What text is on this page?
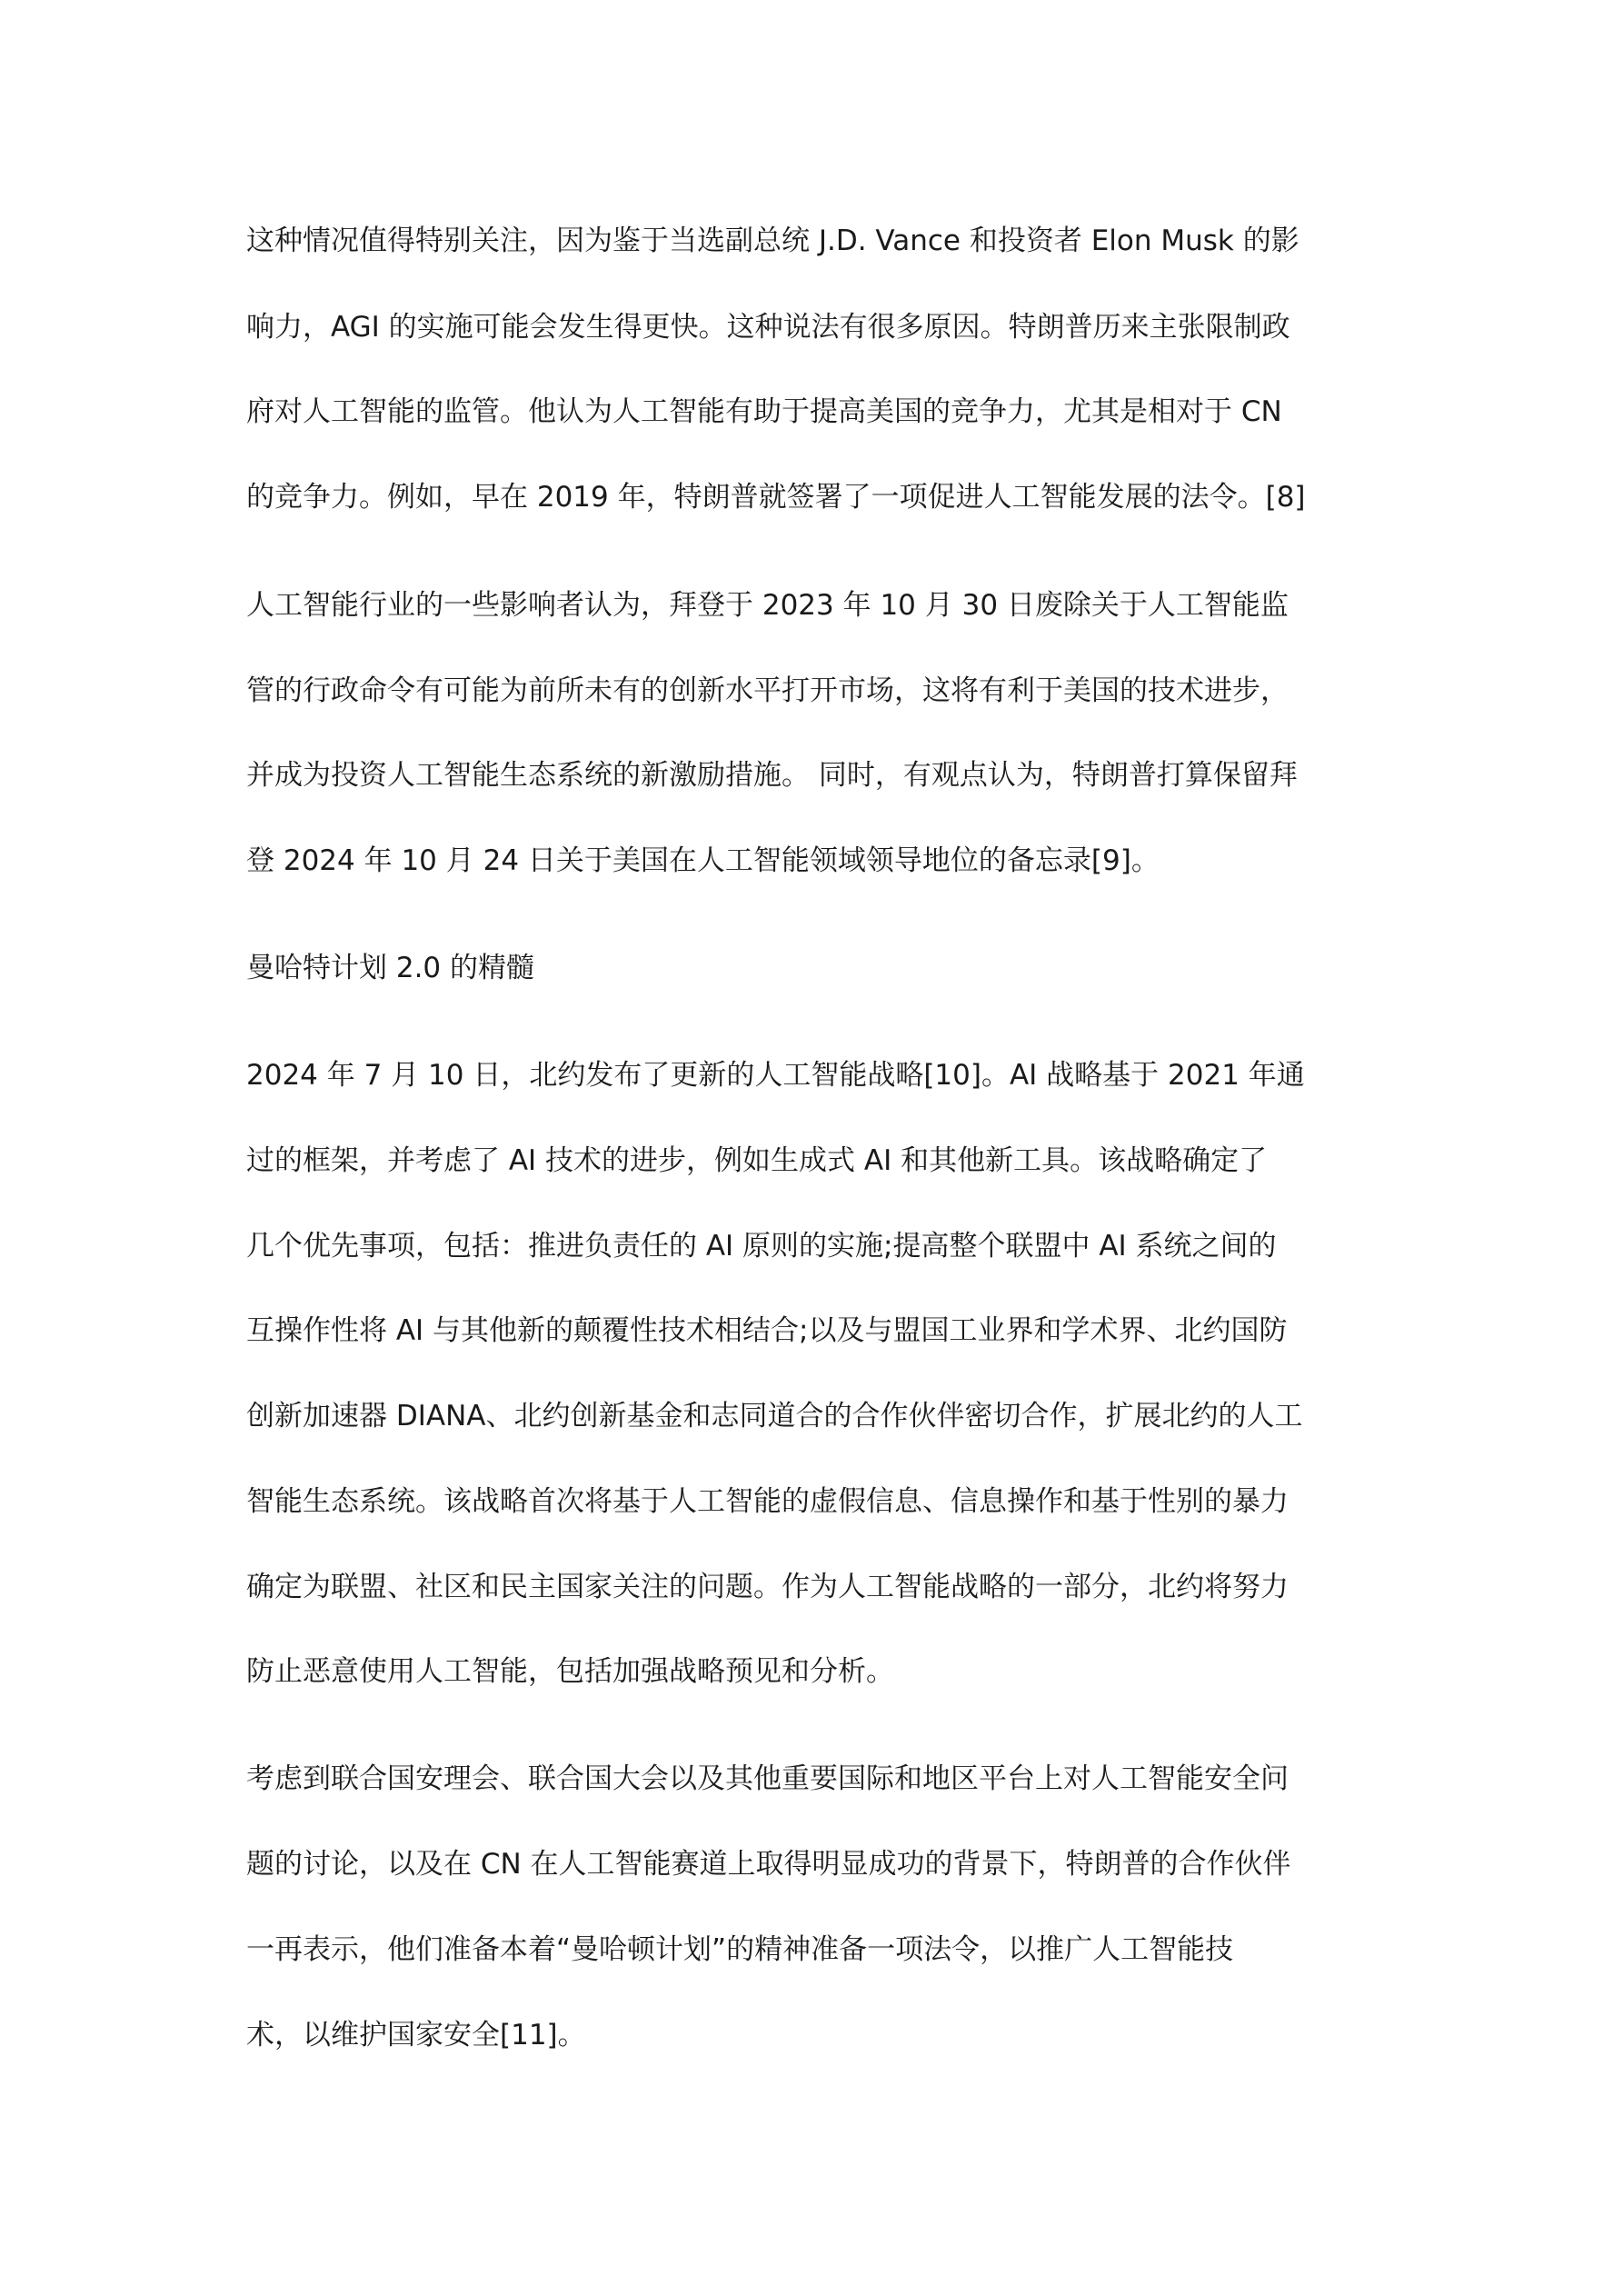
这种情况值得特别关注，因为鉴于当选副总统 J.D. Vance 和投资者 Elon Musk 的影

响力，AGI 的实施可能会发生得更快。这种说法有很多原因。特朗普历来主张限制政

府对人工智能的监管。他认为人工智能有助于提高美国的竞争力，尤其是相对于 CN

的竞争力。例如，早在 2019 年，特朗普就签署了一项促进人工智能发展的法令。[8]

人工智能行业的一些影响者认为，拜登于 2023 年 10 月 30 日废除关于人工智能监

管的行政命令有可能为前所未有的创新水平打开市场，这将有利于美国的技术进步，

并成为投资人工智能生态系统的新激励措施。 同时，有观点认为，特朗普打算保留拜

登 2024 年 10 月 24 日关于美国在人工智能领域领导地位的备忘录[9]。

曼哈特计划 2.0 的精髓

2024 年 7 月 10 日，北约发布了更新的人工智能战略[10]。AI 战略基于 2021 年通

过的框架，并考虑了 AI 技术的进步，例如生成式 AI 和其他新工具。该战略确定了

几个优先事项，包括：推进负责任的 AI 原则的实施;提高整个联盟中 AI 系统之间的

互操作性将 AI 与其他新的颠覆性技术相结合;以及与盟国工业界和学术界、北约国防

创新加速器 DIANA、北约创新基金和志同道合的合作伙伴密切合作，扩展北约的人工

智能生态系统。该战略首次将基于人工智能的虚假信息、信息操作和基于性别的暴力

确定为联盟、社区和民主国家关注的问题。作为人工智能战略的一部分，北约将努力

防止恶意使用人工智能，包括加强战略预见和分析。

考虑到联合国安理会、联合国大会以及其他重要国际和地区平台上对人工智能安全问

题的讨论，以及在 CN 在人工智能赛道上取得明显成功的背景下，特朗普的合作伙伴

一再表示，他们准备本着“曼哈顿计划”的精神准备一项法令，以推广人工智能技

术，以维护国家安全[11]。
